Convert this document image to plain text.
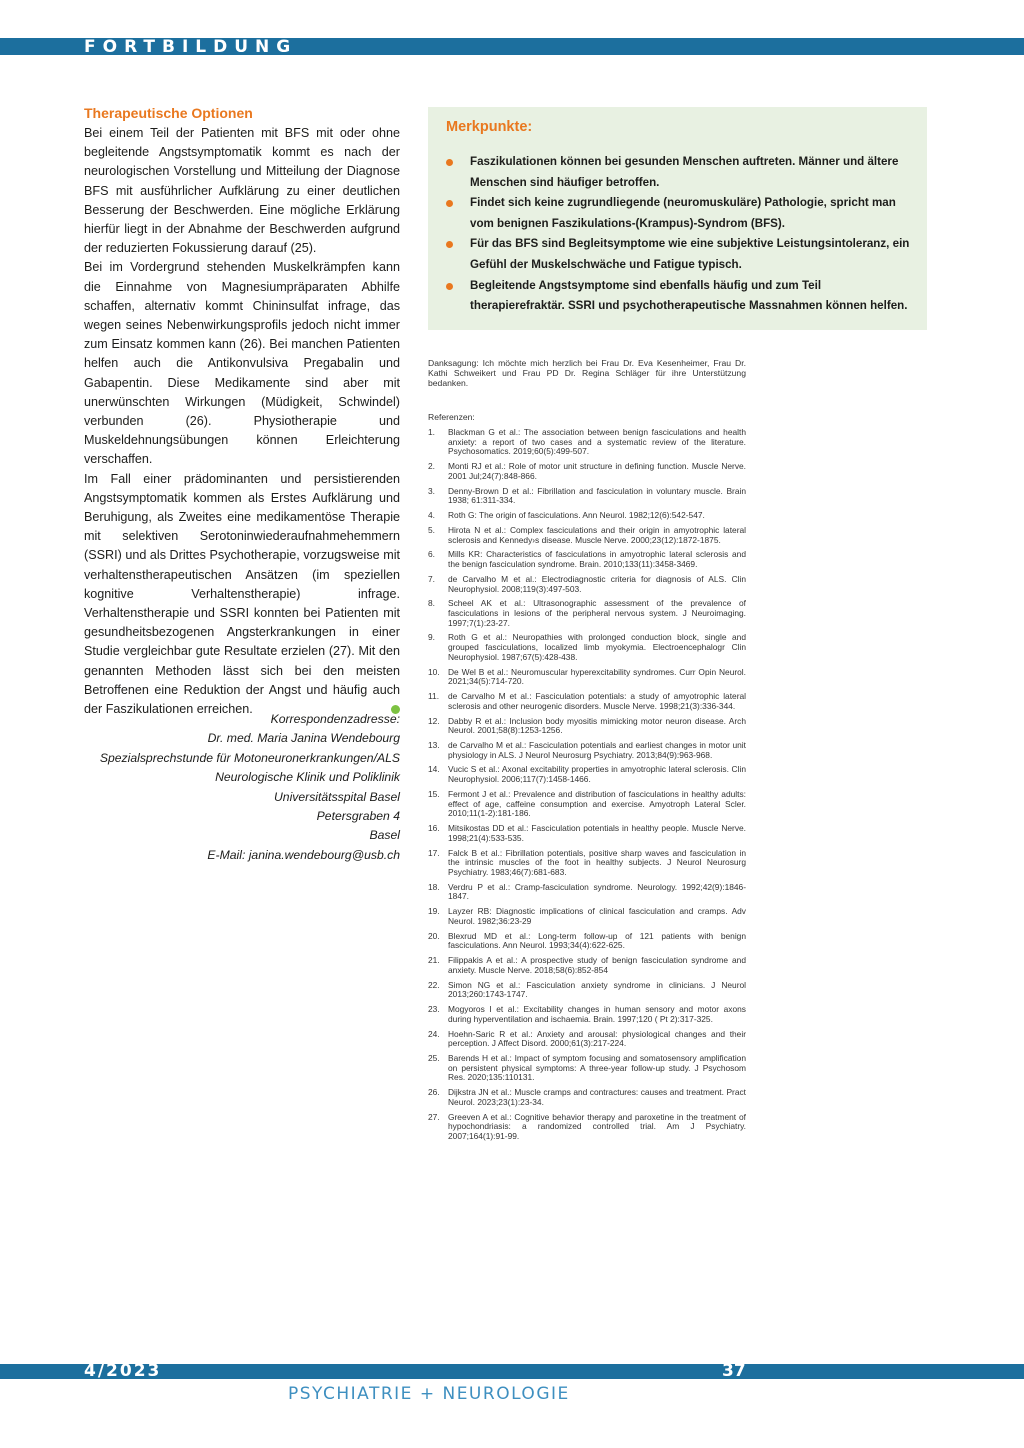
FORTBILDUNG
Therapeutische Optionen

Bei einem Teil der Patienten mit BFS mit oder ohne begleitende Angstsymptomatik kommt es nach der neurologischen Vorstellung und Mitteilung der Diagnose BFS mit ausführlicher Aufklärung zu einer deutlichen Besserung der Beschwerden. Eine mögliche Erklärung hierfür liegt in der Abnahme der Beschwerden aufgrund der reduzierten Fokussierung darauf (25).

Bei im Vordergrund stehenden Muskelkrämpfen kann die Einnahme von Magnesiumpräparaten Abhilfe schaffen, alternativ kommt Chininsulfat infrage, das wegen seines Nebenwirkungsprofils jedoch nicht immer zum Einsatz kommen kann (26). Bei manchen Patienten helfen auch die Antikonvulsiva Pregabalin und Gabapentin. Diese Medikamente sind aber mit unerwünschten Wirkungen (Müdigkeit, Schwindel) verbunden (26). Physiotherapie und Muskeldehnungsübungen können Erleichterung verschaffen.

Im Fall einer prädominanten und persistierenden Angstsymptomatik kommen als Erstes Aufklärung und Beruhigung, als Zweites eine medikamentöse Therapie mit selektiven Serotoninwiederaufnahmehemmern (SSRI) und als Drittes Psychotherapie, vorzugsweise mit verhaltenstherapeutischen Ansätzen (im speziellen kognitive Verhaltenstherapie) infrage. Verhaltenstherapie und SSRI konnten bei Patienten mit gesundheitsbezogenen Angsterkrankungen in einer Studie vergleichbar gute Resultate erzielen (27). Mit den genannten Methoden lässt sich bei den meisten Betroffenen eine Reduktion der Angst und häufig auch der Faszikulationen erreichen.

Korrespondenzadresse:
Dr. med. Maria Janina Wendebourg
Spezialsprechstunde für Motoneuronerkrankungen/ALS
Neurologische Klinik und Poliklinik
Universitätsspital Basel
Petersgraben 4
Basel
E-Mail: janina.wendebourg@usb.ch
Merkpunkte:
Faszikulationen können bei gesunden Menschen auftreten. Männer und ältere Menschen sind häufiger betroffen.
Findet sich keine zugrundliegende (neuromuskuläre) Pathologie, spricht man vom benignen Faszikulations-(Krampus)-Syndrom (BFS).
Für das BFS sind Begleitsymptome wie eine subjektive Leistungsintoleranz, ein Gefühl der Muskelschwäche und Fatigue typisch.
Begleitende Angstsymptome sind ebenfalls häufig und zum Teil therapierefraktär. SSRI und psychotherapeutische Massnahmen können helfen.
Danksagung: Ich möchte mich herzlich bei Frau Dr. Eva Kesenheimer, Frau Dr. Kathi Schweikert und Frau PD Dr. Regina Schläger für ihre Unterstützung bedanken.
Referenzen:
1.	Blackman G et al.: The association between benign fasciculations and health anxiety: a report of two cases and a systematic review of the literature. Psychosomatics. 2019;60(5):499-507.
2.	Monti RJ et al.: Role of motor unit structure in defining function. Muscle Nerve. 2001 Jul;24(7):848-866.
3.	Denny-Brown D et al.: Fibrillation and fasciculation in voluntary muscle. Brain 1938; 61:311-334.
4.	Roth G: The origin of fasciculations. Ann Neurol. 1982;12(6):542-547.
5.	Hirota N et al.: Complex fasciculations and their origin in amyotrophic lateral sclerosis and Kennedy›s disease. Muscle Nerve. 2000;23(12):1872-1875.
6.	Mills KR: Characteristics of fasciculations in amyotrophic lateral sclerosis and the benign fasciculation syndrome. Brain. 2010;133(11):3458-3469.
7.	de Carvalho M et al.: Electrodiagnostic criteria for diagnosis of ALS. Clin Neurophysiol. 2008;119(3):497-503.
8.	Scheel AK et al.: Ultrasonographic assessment of the prevalence of fasciculations in lesions of the peripheral nervous system. J Neuroimaging. 1997;7(1):23-27.
9.	Roth G et al.: Neuropathies with prolonged conduction block, single and grouped fasciculations, localized limb myokymia. Electroencephalogr Clin Neurophysiol. 1987;67(5):428-438.
10. De Wel B et al.: Neuromuscular hyperexcitability syndromes. Curr Opin Neurol. 2021;34(5):714-720.
11.	de Carvalho M et al.: Fasciculation potentials: a study of amyotrophic lateral sclerosis and other neurogenic disorders. Muscle Nerve. 1998;21(3):336-344.
12. Dabby R et al.: Inclusion body myositis mimicking motor neuron disease. Arch Neurol. 2001;58(8):1253-1256.
13. de Carvalho M et al.: Fasciculation potentials and earliest changes in motor unit physiology in ALS. J Neurol Neurosurg Psychiatry. 2013;84(9):963-968.
14. Vucic S et al.: Axonal excitability properties in amyotrophic lateral sclerosis. Clin Neurophysiol. 2006;117(7):1458-1466.
15. Fermont J et al.: Prevalence and distribution of fasciculations in healthy adults: effect of age, caffeine consumption and exercise. Amyotroph Lateral Scler. 2010;11(1-2):181-186.
16. Mitsikostas DD et al.: Fasciculation potentials in healthy people. Muscle Nerve. 1998;21(4):533-535.
17. Falck B et al.: Fibrillation potentials, positive sharp waves and fasciculation in the intrinsic muscles of the foot in healthy subjects. J Neurol Neurosurg Psychiatry. 1983;46(7):681-683.
18. Verdru P et al.: Cramp-fasciculation syndrome. Neurology. 1992;42(9):1846-1847.
19. Layzer RB: Diagnostic implications of clinical fasciculation and cramps. Adv Neurol. 1982;36:23-29
20. Blexrud MD et al.: Long-term follow-up of 121 patients with benign fasciculations. Ann Neurol. 1993;34(4):622-625.
21. Filippakis A et al.: A prospective study of benign fasciculation syndrome and anxiety. Muscle Nerve. 2018;58(6):852-854
22. Simon NG et al.: Fasciculation anxiety syndrome in clinicians. J Neurol 2013;260:1743-1747.
23. Mogyoros I et al.: Excitability changes in human sensory and motor axons during hyperventilation and ischaemia. Brain. 1997;120 ( Pt 2):317-325.
24. Hoehn-Saric R et al.: Anxiety and arousal: physiological changes and their perception. J Affect Disord. 2000;61(3):217-224.
25. Barends H et al.: Impact of symptom focusing and somatosensory amplification on persistent physical symptoms: A three-year follow-up study. J Psychosom Res. 2020;135:110131.
26. Dijkstra JN et al.: Muscle cramps and contractures: causes and treatment. Pract Neurol. 2023;23(1):23-34.
27. Greeven A et al.: Cognitive behavior therapy and paroxetine in the treatment of hypochondriasis: a randomized controlled trial. Am J Psychiatry. 2007;164(1):91-99.
4/2023	37
PSYCHIATRIE + NEUROLOGIE
